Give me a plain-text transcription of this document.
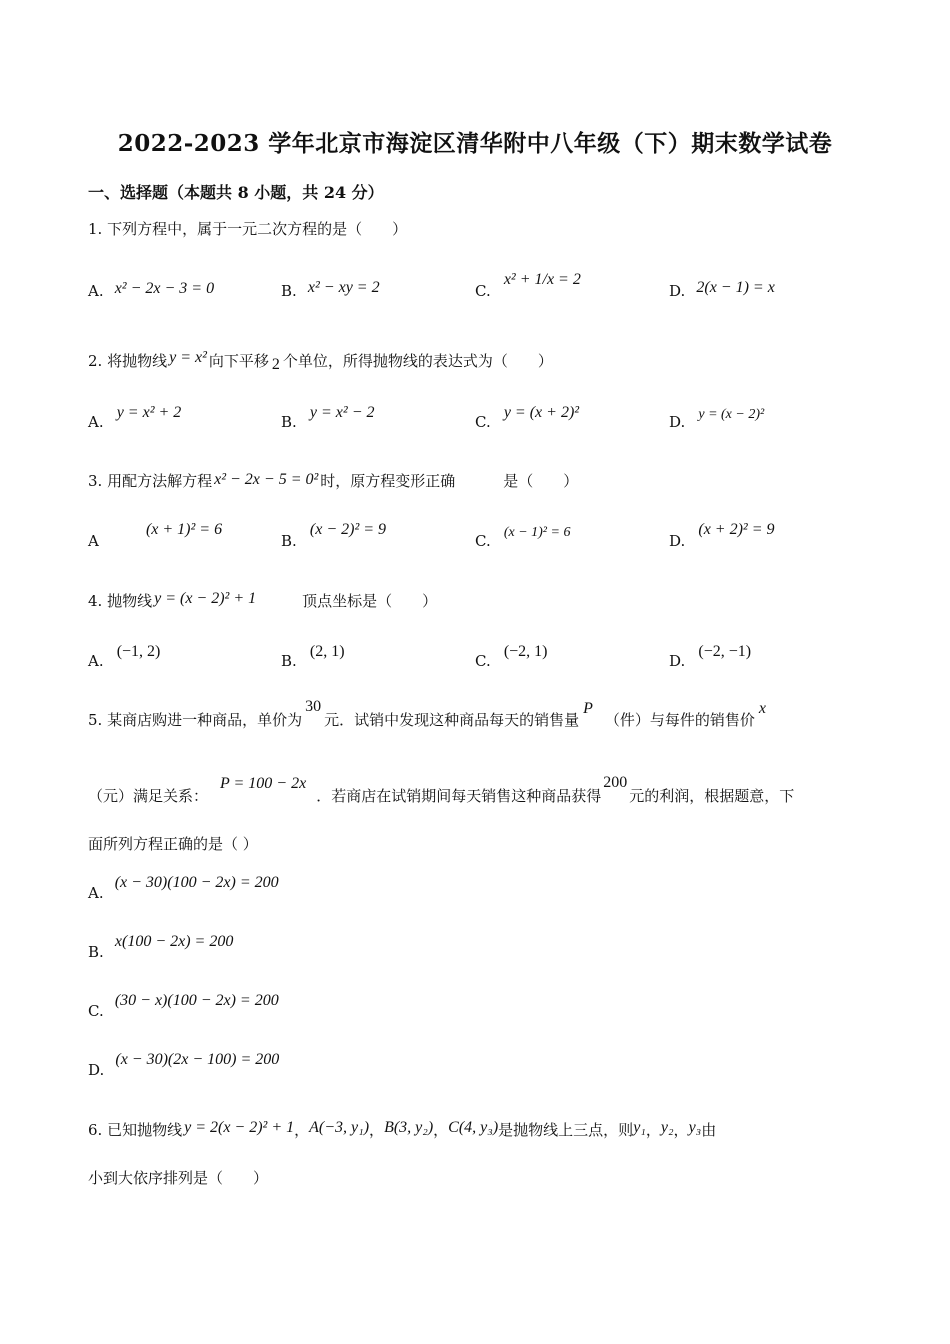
2022-2023 学年北京市海淀区清华附中八年级（下）期末数学试卷
一、选择题（本题共 8 小题，共 24 分）
1. 下列方程中，属于一元二次方程的是（　　）
A. x² − 2x − 3 = 0	B. x² − xy = 2	C. x² + 1/x = 2
D. 2(x − 1) = x
2. 将抛物线 y = x² 向下平移 2 个单位，所得抛物线的表达式为（　　）
A. y = x² + 2
B. y = x² − 2
C. y = (x + 2)²
D. y = (x − 2)²
3. 用配方法解方程 x² − 2x − 5 = 0² 时，原方程变形正确	是（　　）
A (x + 1)² = 6
B. (x − 2)² = 9
C. (x − 1)² = 6	D. (x + 2)² = 9
4. 抛物线 y = (x − 2)² + 1	顶点坐标是（　　）
A. (−1, 2)
B. (2, 1)
C. (−2, 1)
D. (−2, −1)
5. 某商店购进一种商品，单价为30元．试销中发现这种商品每天的销售量P（件）与每件的销售价x
（元）满足关系：P = 100 − 2x．若商店在试销期间每天销售这种商品获得200元的利润，根据题意，下
面所列方程正确的是（ ）
A. (x − 30)(100 − 2x) = 200
B. x(100 − 2x) = 200
C. (30 − x)(100 − 2x) = 200
D. (x − 30)(2x − 100) = 200
6. 已知抛物线 y = 2(x − 2)² + 1，A(−3, y₁)，B(3, y₂)，C(4, y₃)是抛物线上三点，则y₁，y₂，y₃由
小到大依序排列是（　　）
